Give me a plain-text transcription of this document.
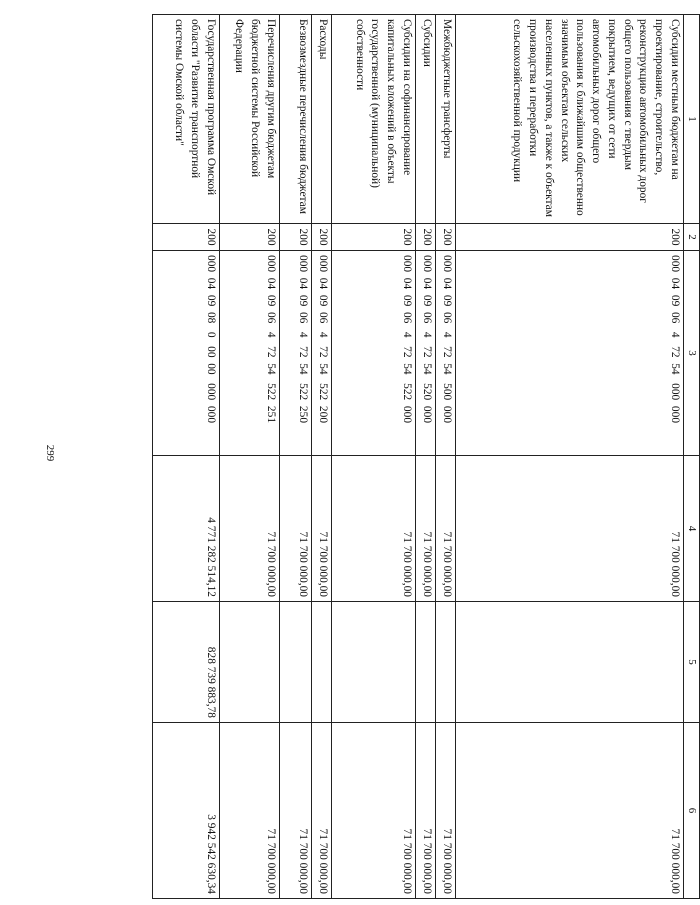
299
1	2	3	4	5	6
Субсидии местным бюджетам на проектирование, строительство, реконструкцию автомобильных дорог общего пользования с твердым покрытием, ведущих от сети автомобильных дорог общего пользования к ближайшим общественно значимым объектам сельских населенных пунктов, а также к объектам производства и переработки сельскохозяйственной продукции	200	000  04  09  06   4   72  54   000  000	71 700 000,00		71 700 000,00
Межбюджетные трансферты	200	000  04  09  06   4   72  54   500  000	71 700 000,00		71 700 000,00
Субсидии	200	000  04  09  06   4   72  54   520  000	71 700 000,00		71 700 000,00
Субсидии на софинансирование капитальных вложений в объекты государственной (муниципальной) собственности	200	000  04  09  06   4   72  54   522  000	71 700 000,00		71 700 000,00
Расходы	200	000  04  09  06   4   72  54   522  200	71 700 000,00		71 700 000,00
Безвозмездные перечисления бюджетам	200	000  04  09  06   4   72  54   522  250	71 700 000,00		71 700 000,00
Перечисления другим бюджетам бюджетной системы Российской Федерации	200	000  04  09  06   4   72  54   522  251	71 700 000,00		71 700 000,00
Государственная программа Омской области "Развитие транспортной системы Омской области"	200	000  04  09  08   0   00  00   000  000	4 771 282 514,12	828 739 883,78	3 942 542 630,34
